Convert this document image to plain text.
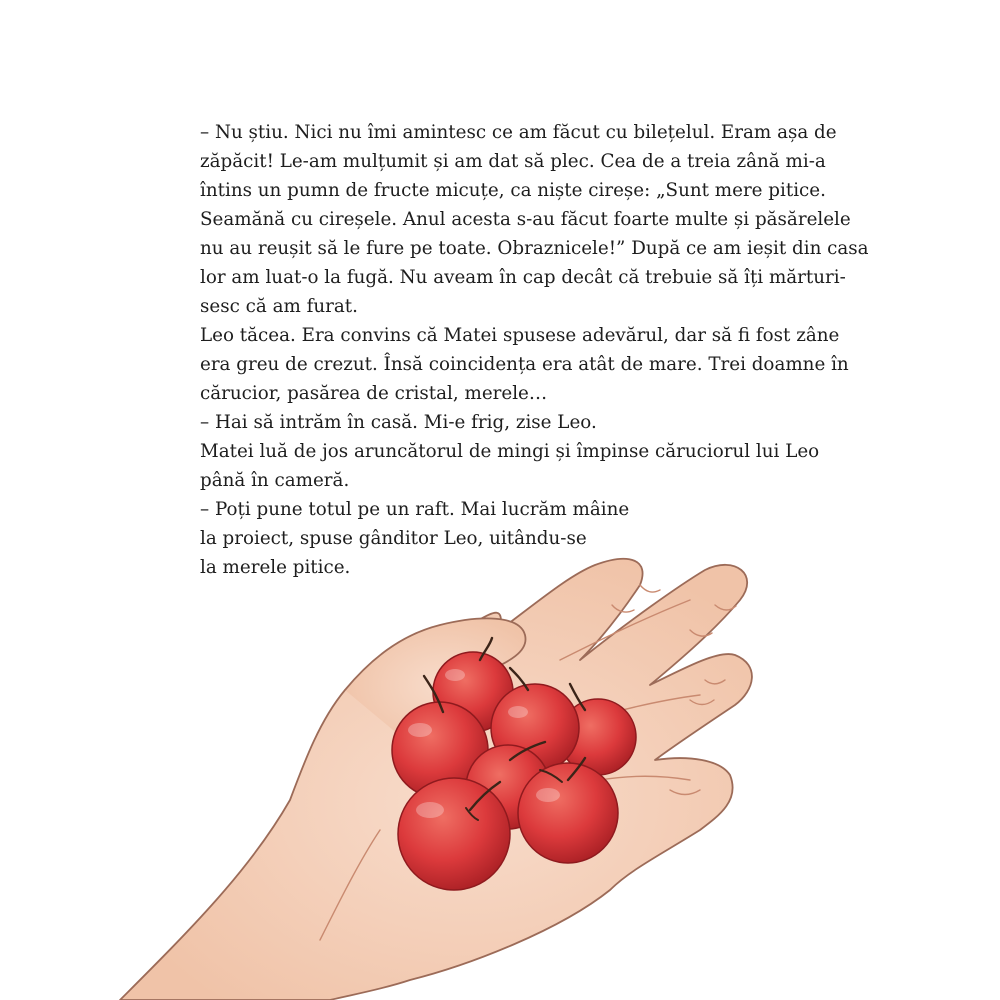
– Nu știu. Nici nu îmi amintesc ce am făcut cu bilețelul. Eram așa de
zăpăcit! Le-am mulțumit și am dat să plec. Cea de a treia zână mi-a
întins un pumn de fructe micuțe, ca niște cireșe: „Sunt mere pitice.
Seamănă cu cireșele. Anul acesta s-au făcut foarte multe și păsărelele
nu au reușit să le fure pe toate. Obraznicele!” După ce am ieșit din casa
lor am luat-o la fugă. Nu aveam în cap decât că trebuie să îți mărturi-
sesc că am furat.
Leo tăcea. Era convins că Matei spusese adevărul, dar să fi fost zâne
era greu de crezut. Însă coincidența era atât de mare. Trei doamne în
cărucior, pasărea de cristal, merele…
– Hai să intrăm în casă. Mi-e frig, zise Leo.
Matei luă de jos aruncătorul de mingi și împinse căruciorul lui Leo
până în cameră.
– Poți pune totul pe un raft. Mai lucrăm mâine
la proiect, spuse gânditor Leo, uitându-se
la merele pitice.
